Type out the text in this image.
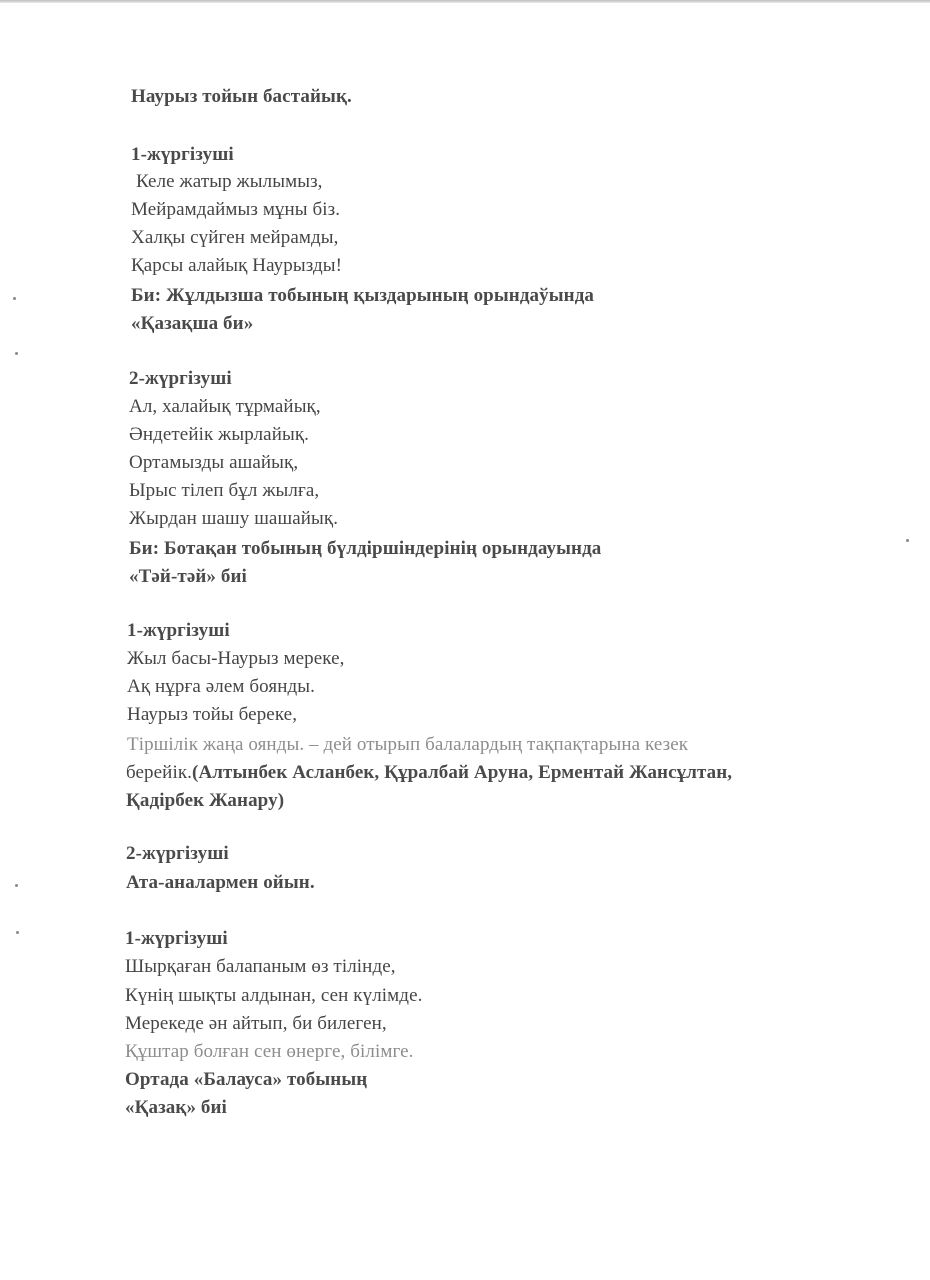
Наурыз тойын бастайық.
1-жүргізуші
Келе жатыр жылымыз,
Мейрамдаймыз мұны біз.
Халқы сүйген мейрамды,
Қарсы алайық Наурызды!
Би: Жұлдызша тобының қыздарының орындаўында
«Қазақша би»
2-жүргізуші
Ал, халайық тұрмайық,
Әндетейік жырлайық.
Ортамызды ашайық,
Ырыс тілеп бұл жылға,
Жырдан шашу шашайық.
Би: Ботақан тобының бүлдіршіндерінің орындауында
«Тәй-тәй» биі
1-жүргізуші
Жыл басы-Наурыз мереке,
Ақ нұрға әлем боянды.
Наурыз тойы береке,
Тіршілік жаңа оянды. – дей отырып балалардың тақпақтарына кезек
берейік.(Алтынбек Асланбек, Құралбай Аруна, Ерментай Жансұлтан,
Қадірбек Жанару)
2-жүргізуші
Ата-аналармен ойын.
1-жүргізуші
Шырқаған балапаным өз тілінде,
Күнің шықты алдынан, сен күлімде.
Мерекеде ән айтып, би билеген,
Құштар болған сен өнерге, білімге.
Ортада «Балауса» тобының
«Қазақ» биі
